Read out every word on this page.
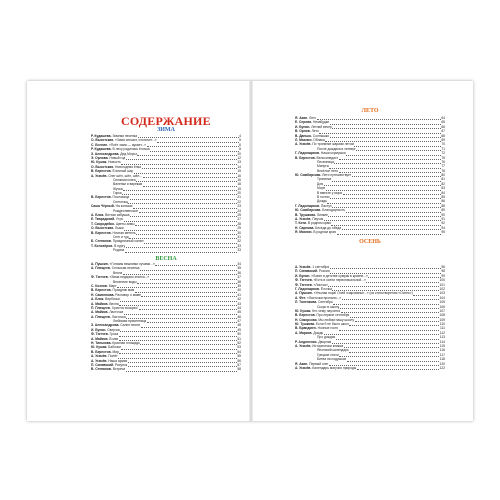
СОДЕРЖАНИЕ
ЗИМА
Р. Кудашева. Зимняя песенка	4
О. Высотская. «Зима спешит, хлопочет...»	5
С. Есенин. «Поёт зима — аукает...»	6
Р. Кудашева. В лесу родилась ёлочка	8
З. Александрова. Дед Мороз	10
Э. Орлова. Новый год	12
Ю. Кушак. Новость	13
О. Высотская. Новогодняя ёлка	14
В. Берестов. Ёлочный шар	15
А. Усачёв. Снег шёл, шёл, шёл...	16
Снежная книга	16
Валенки и варежки	18
Жучка	19
Горка	20
В. Берестов. Пословица	21
Снеготащ	22
Саша Чёрный. На коньках	23
Рождественское	24
А. Блок. Ветхая избушка	25
Е. Тварадский. Утро	27
Т. Скородейко. Цветы зимы	28
О. Высотская. Лыжи	29
В. Берестов. Ночная метель	30
Снег и гуд	31
Б. Степанов. Праздничный салют	32
Т. Белозёров. В пургу	33
Родина	33
ВЕСНА
А. Пушкин. «Гонимы вешними лучами...»	34
А. Плещеев. Сельская песенка	35
Весна	36
Ф. Тютчев. «Зима недаром злится...»	37
Весенние воды	38
С. Козлов. Март	39
В. Берестов. Праздник мам	40
Н. Самонхова. Разговор о маме	41
А. Блок. Вербочки	42
А. Майков. Весна	43
П. Плещеев. Христос воскрес!	44
А. Майков. Ласточка	45
А. Плещеев. Ласточка	46
Любимая присенница	47
З. Александрова. Салют весне	48
И. Бунин. Сверчок	49
Ф. Тютчев. Гроза	50
А. Майков. В мае	51
Н. Тинькова. Красная площадь	52
Ю. Кушак. Бабочки	53
В. Берестов. Мир	54
А. Усачёв. Полёт	55
А. Усачёв. Наша армия	56
П. Синявский. Рисунок	57
В. Степанов. Встреча	58
ЛЕТО
Я. Акин. Лето	64
Е. Серова. Незабудки	65
И. Бунин. Летний вечер	66
В. Орлов. Лето	67
В. Данько. Солнышко	68
Л. Мазнин. Облака	69
А. Усачёв. По тропинке жарким летом	70
После дождика в четверг	71
Г. Ладонщиков. Наши кормушки	72
В. Берестов. Велосипедист	75
Песенница	76
Минуты	77
Весёлое лето	78
Ю. Симбирская. Лето путешествует	80
Тропинка	81
Дом	82
Море	83
В вместе у моря	84
В гостях	85
Дождь	86
Г. Ладонщиков. Пастух	88
Ю. Симбирская. Благодарность	89
В. Трушкова. Липкие	90
А. Усачёв. Паучок	91
Т. Коти. В родном краю	92
Н. Сарнова. Беседа до обеда	94
Я. Мазнин. В родном краю	95
ОСЕНЬ
А. Усачёв. 1 сентября	96
П. Синявский. Россия	98
И. Бунин. «Ловит в детстве сумрак в краине...»	99
Ф. Тютчев. «Есть в осени первоначальной...»	100
Ф. Тютчев. «Листья»	101
Г. Ладонщиков. Ёлочка	102
А. Пушкин. «Унылая пора! Очей очарованье...» (из стихотворения «Осень»)	103
А. Фет. «Ласточки пропали...»	104
Л. Тоненкова. Сентябрь	105
Скоро в школу	106
Ю. Кушак. Кто чему научится	107
В. Берестов. Про первое сентября	108
Н. Сикорская. Мы любим нашу школу	109
Ю. Тушкова. Если б не было школ	110
В. Брандмен. Ночные гости	111
А. Марков. Дождь	112
Про дождик	113
Р. Алдоненко. Дворник	114
А. Усачёв. Исторически книжка	115
Японский календарь	116
Грецкие стихи	117
Битва на подушках	118
Я. Акин. Первый снег	120
А. Усачёв. Календарь магучих природы	122
